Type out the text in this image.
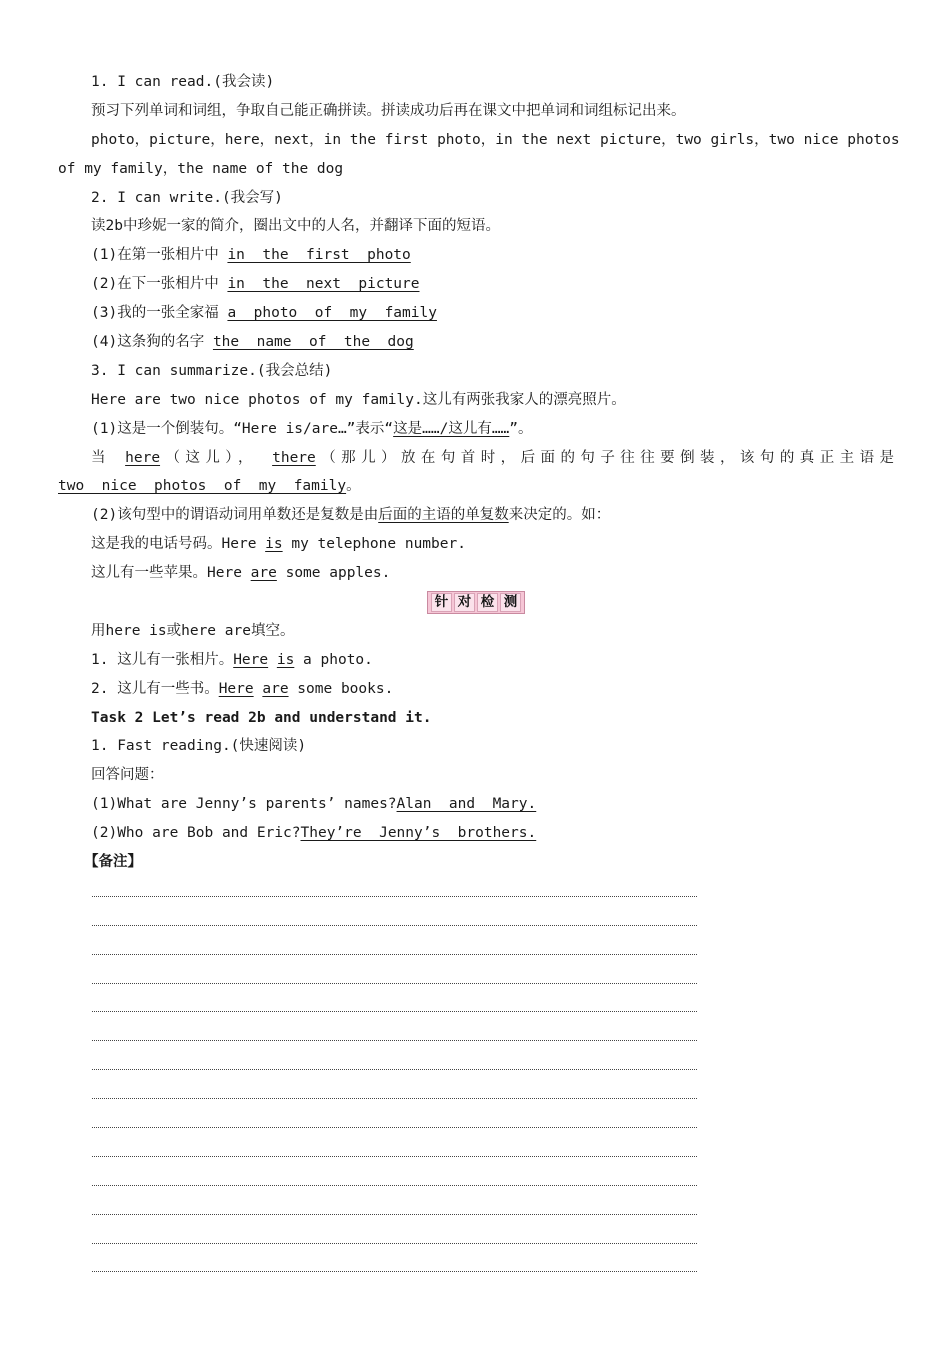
1. I can read.(我会读)
预习下列单词和词组，争取自己能正确拼读。拼读成功后再在课文中把单词和词组标记出来。
photo，picture，here，next，in the first photo，in the next picture，two girls，two nice photos
of my family，the name of the dog
2. I can write.(我会写)
读2b中珍妮一家的简介，圈出文中的人名，并翻译下面的短语。
(1)在第一张相片中 in  the  first  photo
(2)在下一张相片中 in  the  next  picture
(3)我的一张全家福 a  photo  of  my  family
(4)这条狗的名字 the  name  of  the  dog
3. I can summarize.(我会总结)
Here are two nice photos of my family.这儿有两张我家人的漂亮照片。
(1)这是一个倒装句。“Here is/are…”表示“这是……/这儿有……”。
当 here（这儿）， there（那儿）放在句首时，后面的句子往往要倒装，该句的真正主语是
two  nice  photos  of  my  family。
(2)该句型中的谓语动词用单数还是复数是由后面的主语的单复数来决定的。如：
这是我的电话号码。Here is my telephone number.
这儿有一些苹果。Here are some apples.
针 对 检 测
用here is或here are填空。
1. 这儿有一张相片。Here is a photo.
2. 这儿有一些书。Here are some books.
Task 2 Let’s read 2b and understand it.
1. Fast reading.(快速阅读)
回答问题：
(1)What are Jenny’s parents’ names?Alan  and  Mary.
(2)Who are Bob and Eric?They’re  Jenny’s  brothers.
【备注】
